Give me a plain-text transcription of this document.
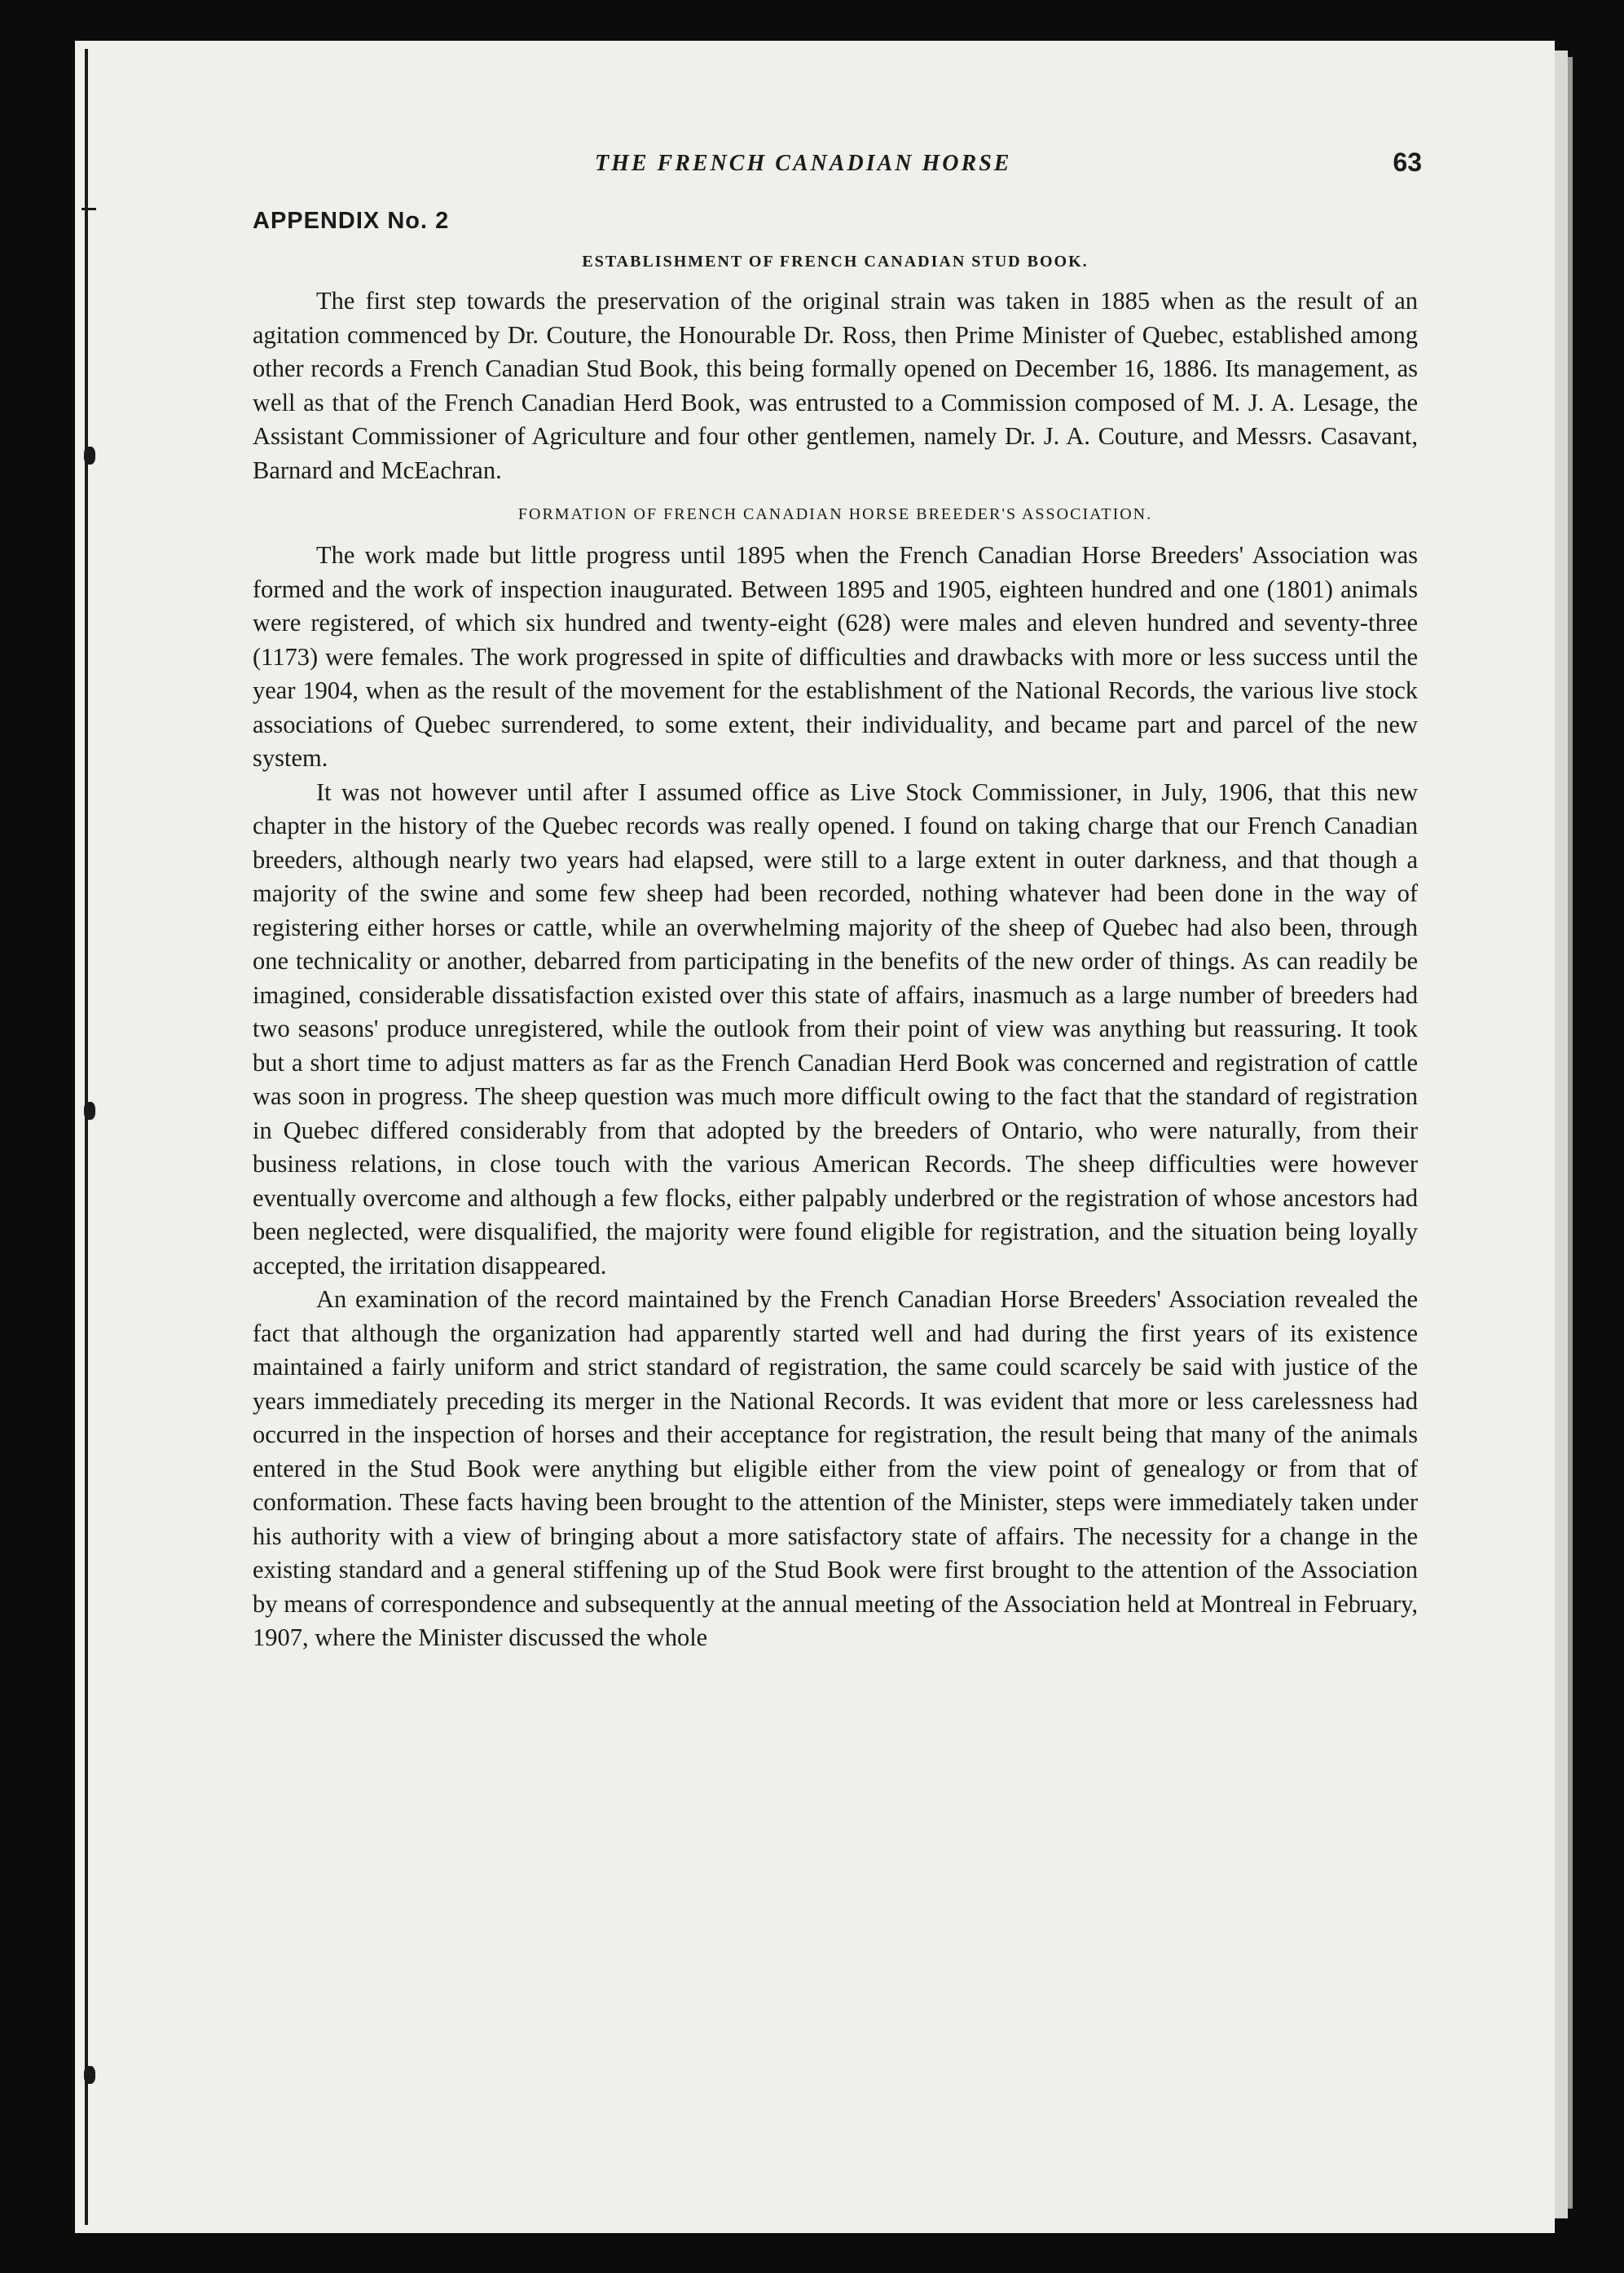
THE FRENCH CANADIAN HORSE	63
APPENDIX No. 2
ESTABLISHMENT OF FRENCH CANADIAN STUD BOOK.

The first step towards the preservation of the original strain was taken in 1885 when as the result of an agitation commenced by Dr. Couture, the Honourable Dr. Ross, then Prime Minister of Quebec, established among other records a French Canadian Stud Book, this being formally opened on December 16, 1886. Its management, as well as that of the French Canadian Herd Book, was entrusted to a Commission composed of M. J. A. Lesage, the Assistant Commissioner of Agriculture and four other gentlemen, namely Dr. J. A. Couture, and Messrs. Casavant, Barnard and McEachran.

FORMATION OF FRENCH CANADIAN HORSE BREEDER'S ASSOCIATION.

The work made but little progress until 1895 when the French Canadian Horse Breeders' Association was formed and the work of inspection inaugurated. Between 1895 and 1905, eighteen hundred and one (1801) animals were registered, of which six hundred and twenty-eight (628) were males and eleven hundred and seventy-three (1173) were females. The work progressed in spite of difficulties and drawbacks with more or less success until the year 1904, when as the result of the movement for the establishment of the National Records, the various live stock associations of Quebec surrendered, to some extent, their individuality, and became part and parcel of the new system.

It was not however until after I assumed office as Live Stock Commissioner, in July, 1906, that this new chapter in the history of the Quebec records was really opened. I found on taking charge that our French Canadian breeders, although nearly two years had elapsed, were still to a large extent in outer darkness, and that though a majority of the swine and some few sheep had been recorded, nothing whatever had been done in the way of registering either horses or cattle, while an overwhelming majority of the sheep of Quebec had also been, through one technicality or another, debarred from participating in the benefits of the new order of things. As can readily be imagined, considerable dissatisfaction existed over this state of affairs, inasmuch as a large number of breeders had two seasons' produce unregistered, while the outlook from their point of view was anything but reassuring. It took but a short time to adjust matters as far as the French Canadian Herd Book was concerned and registration of cattle was soon in progress. The sheep question was much more difficult owing to the fact that the standard of registration in Quebec differed considerably from that adopted by the breeders of Ontario, who were naturally, from their business relations, in close touch with the various American Records. The sheep difficulties were however eventually overcome and although a few flocks, either palpably underbred or the registration of whose ancestors had been neglected, were disqualified, the majority were found eligible for registration, and the situation being loyally accepted, the irritation disappeared.

An examination of the record maintained by the French Canadian Horse Breeders' Association revealed the fact that although the organization had apparently started well and had during the first years of its existence maintained a fairly uniform and strict standard of registration, the same could scarcely be said with justice of the years immediately preceding its merger in the National Records. It was evident that more or less carelessness had occurred in the inspection of horses and their acceptance for registration, the result being that many of the animals entered in the Stud Book were anything but eligible either from the view point of genealogy or from that of conformation. These facts having been brought to the attention of the Minister, steps were immediately taken under his authority with a view of bringing about a more satisfactory state of affairs. The necessity for a change in the existing standard and a general stiffening up of the Stud Book were first brought to the attention of the Association by means of correspondence and subsequently at the annual meeting of the Association held at Montreal in February, 1907, where the Minister discussed the whole
